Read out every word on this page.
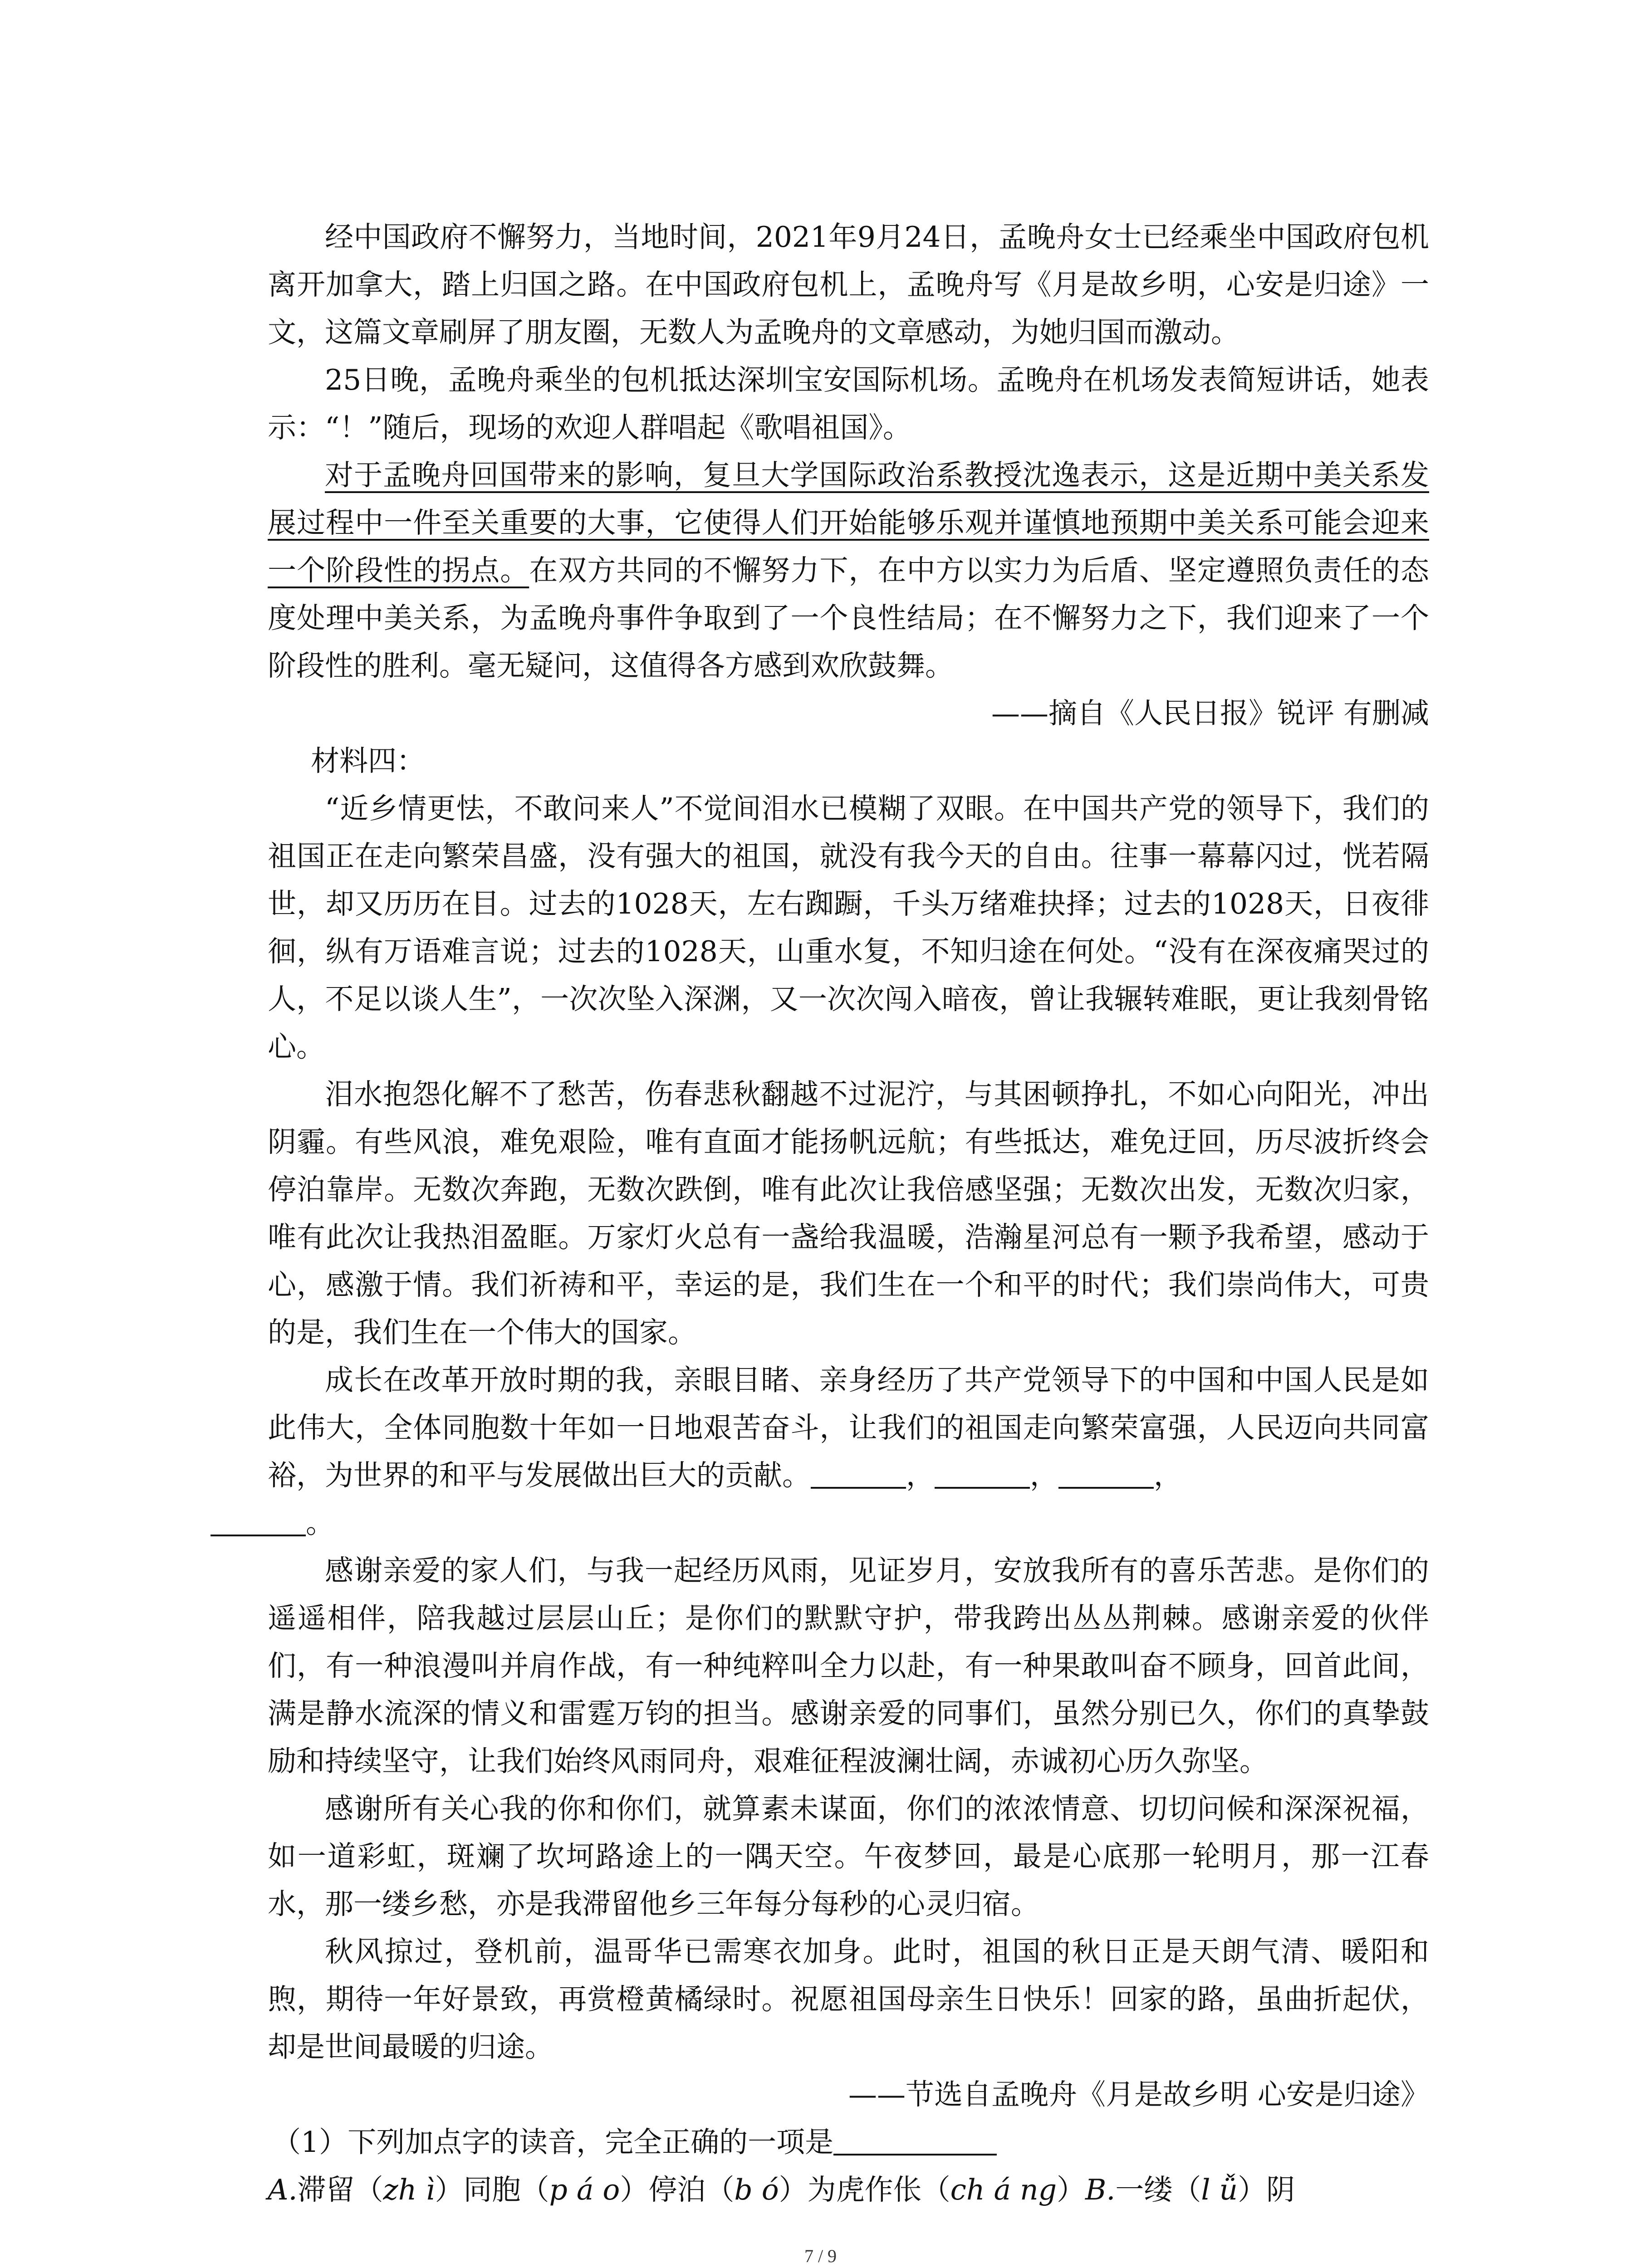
经中国政府不懈努力，当地时间，2021年9月24日，孟晚舟女士已经乘坐中国政府包机离开加拿大，踏上归国之路。在中国政府包机上，孟晚舟写《月是故乡明，心安是归途》一文，这篇文章刷屏了朋友圈，无数人为孟晚舟的文章感动，为她归国而激动。

25日晚，孟晚舟乘坐的包机抵达深圳宝安国际机场。孟晚舟在机场发表简短讲话，她表示：“！”随后，现场的欢迎人群唱起《歌唱祖国》。

对于孟晚舟回国带来的影响，复旦大学国际政治系教授沈逸表示，这是近期中美关系发展过程中一件至关重要的大事，它使得人们开始能够乐观并谨慎地预期中美关系可能会迎来一个阶段性的拐点。在双方共同的不懈努力下，在中方以实力为后盾、坚定遵照负责任的态度处理中美关系，为孟晚舟事件争取到了一个良性结局；在不懈努力之下，我们迎来了一个阶段性的胜利。毫无疑问，这值得各方感到欢欣鼓舞。

——摘自《人民日报》锐评 有删减

材料四：

“近乡情更怯，不敢问来人”不觉间泪水已模糊了双眼。在中国共产党的领导下，我们的祖国正在走向繁荣昌盛，没有强大的祖国，就没有我今天的自由。往事一幕幕闪过，恍若隔世，却又历历在目。过去的1028天，左右踟蹰，千头万绪难抉择；过去的1028天，日夜徘徊，纵有万语难言说；过去的1028天，山重水复，不知归途在何处。“没有在深夜痛哭过的人，不足以谈人生”，一次次坠入深渊，又一次次闯入暗夜，曾让我辗转难眠，更让我刻骨铭心。

泪水抱怨化解不了愁苦，伤春悲秋翻越不过泥泞，与其困顿挣扎，不如心向阳光，冲出阴霾。有些风浪，难免艰险，唯有直面才能扬帆远航；有些抵达，难免迂回，历尽波折终会停泊靠岸。无数次奔跑，无数次跌倒，唯有此次让我倍感坚强；无数次出发，无数次归家，唯有此次让我热泪盈眶。万家灯火总有一盏给我温暖，浩瀚星河总有一颗予我希望，感动于心，感激于情。我们祈祷和平，幸运的是，我们生在一个和平的时代；我们崇尚伟大，可贵的是，我们生在一个伟大的国家。

成长在改革开放时期的我，亲眼目睹、亲身经历了共产党领导下的中国和中国人民是如此伟大，全体同胞数十年如一日地艰苦奋斗，让我们的祖国走向繁荣富强，人民迈向共同富裕，为世界的和平与发展做出巨大的贡献。	，	，	，
。

感谢亲爱的家人们，与我一起经历风雨，见证岁月，安放我所有的喜乐苦悲。是你们的遥遥相伴，陪我越过层层山丘；是你们的默默守护，带我跨出丛丛荆棘。感谢亲爱的伙伴们，有一种浪漫叫并肩作战，有一种纯粹叫全力以赴，有一种果敢叫奋不顾身，回首此间，满是静水流深的情义和雷霆万钧的担当。感谢亲爱的同事们，虽然分别已久，你们的真挚鼓励和持续坚守，让我们始终风雨同舟，艰难征程波澜壮阔，赤诚初心历久弥坚。

感谢所有关心我的你和你们，就算素未谋面，你们的浓浓情意、切切问候和深深祝福，如一道彩虹，斑斓了坎坷路途上的一隅天空。午夜梦回，最是心底那一轮明月，那一江春水，那一缕乡愁，亦是我滞留他乡三年每分每秒的心灵归宿。

秋风掠过，登机前，温哥华已需寒衣加身。此时，祖国的秋日正是天朗气清、暖阳和煦，期待一年好景致，再赏橙黄橘绿时。祝愿祖国母亲生日快乐！回家的路，虽曲折起伏，却是世间最暖的归途。

——节选自孟晚舟《月是故乡明 心安是归途》

（1）下列加点字的读音，完全正确的一项是

A.滞留（zh ì）同胞（p á o）停泊（b ó）为虎作伥（ch á ng）B.一缕（l ǚ）阴

7 / 9
